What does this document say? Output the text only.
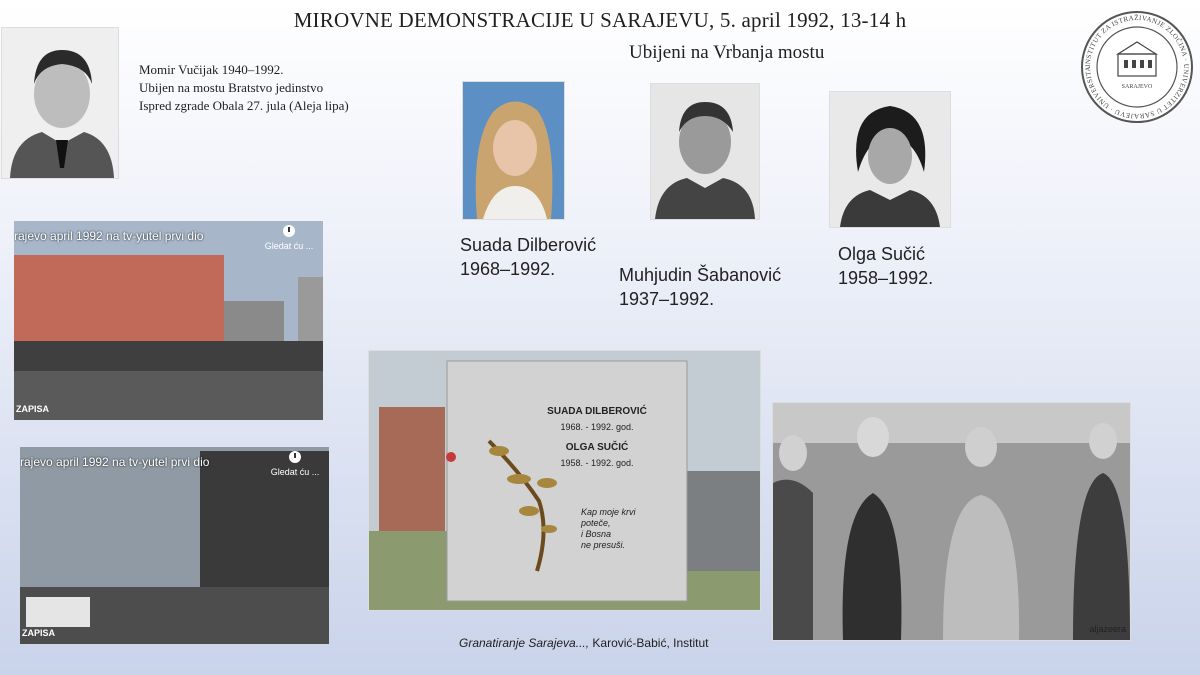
MIROVNE DEMONSTRACIJE U SARAJEVU, 5. april 1992, 13-14 h
Ubijeni na Vrbanja mostu
INSTITUT ZA ISTRAŽIVANJE ZLOČINA · UNIVERZITET U SARAJEVU · UNIVERSITA
SARAJEVO
Momir Vučijak 1940–1992.
Ubijen na mostu Bratstvo jedinstvo
Ispred zgrade Obala 27. jula (Aleja lipa)
Suada Dilberović
1968–1992.	Muhjudin Šabanović
1937–1992.
Olga Sučić
1958–1992.
rajevo april 1992 na tv-yutel prvi dio

Gledat ću ...
ZAPISA
rajevo april 1992 na tv-yutel prvi dio

Gledat ću ...
ZAPISA
SUADA DILBEROVIĆ
1968. - 1992. god.
OLGA SUČIĆ
1958. - 1992. god.
Kap moje krvi
poteče,
i Bosna
ne presuši.
aljazeera
Granatiranje Sarajeva..., Karović-Babić, Institut
